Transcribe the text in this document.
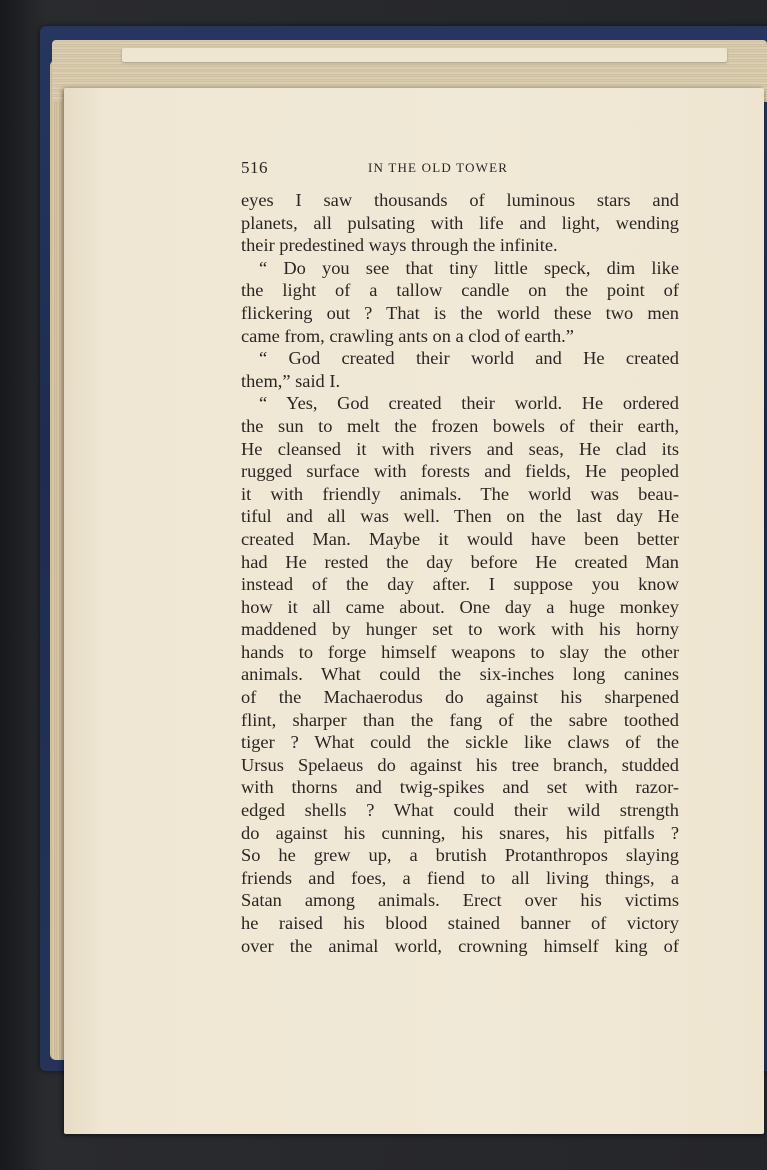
516	IN THE OLD TOWER
eyes I saw thousands of luminous stars and
planets, all pulsating with life and light, wending
their predestined ways through the infinite.
“ Do you see that tiny little speck, dim like
the light of a tallow candle on the point of
flickering out ? That is the world these two men
came from, crawling ants on a clod of earth.”
“ God created their world and He created
them,” said I.
“ Yes, God created their world. He ordered
the sun to melt the frozen bowels of their earth,
He cleansed it with rivers and seas, He clad its
rugged surface with forests and fields, He peopled
it with friendly animals. The world was beau-
tiful and all was well. Then on the last day He
created Man. Maybe it would have been better
had He rested the day before He created Man
instead of the day after. I suppose you know
how it all came about. One day a huge monkey
maddened by hunger set to work with his horny
hands to forge himself weapons to slay the other
animals. What could the six-inches long canines
of the Machaerodus do against his sharpened
flint, sharper than the fang of the sabre toothed
tiger ? What could the sickle like claws of the
Ursus Spelaeus do against his tree branch, studded
with thorns and twig-spikes and set with razor-
edged shells ? What could their wild strength
do against his cunning, his snares, his pitfalls ?
So he grew up, a brutish Protanthropos slaying
friends and foes, a fiend to all living things, a
Satan among animals. Erect over his victims
he raised his blood stained banner of victory
over the animal world, crowning himself king of
